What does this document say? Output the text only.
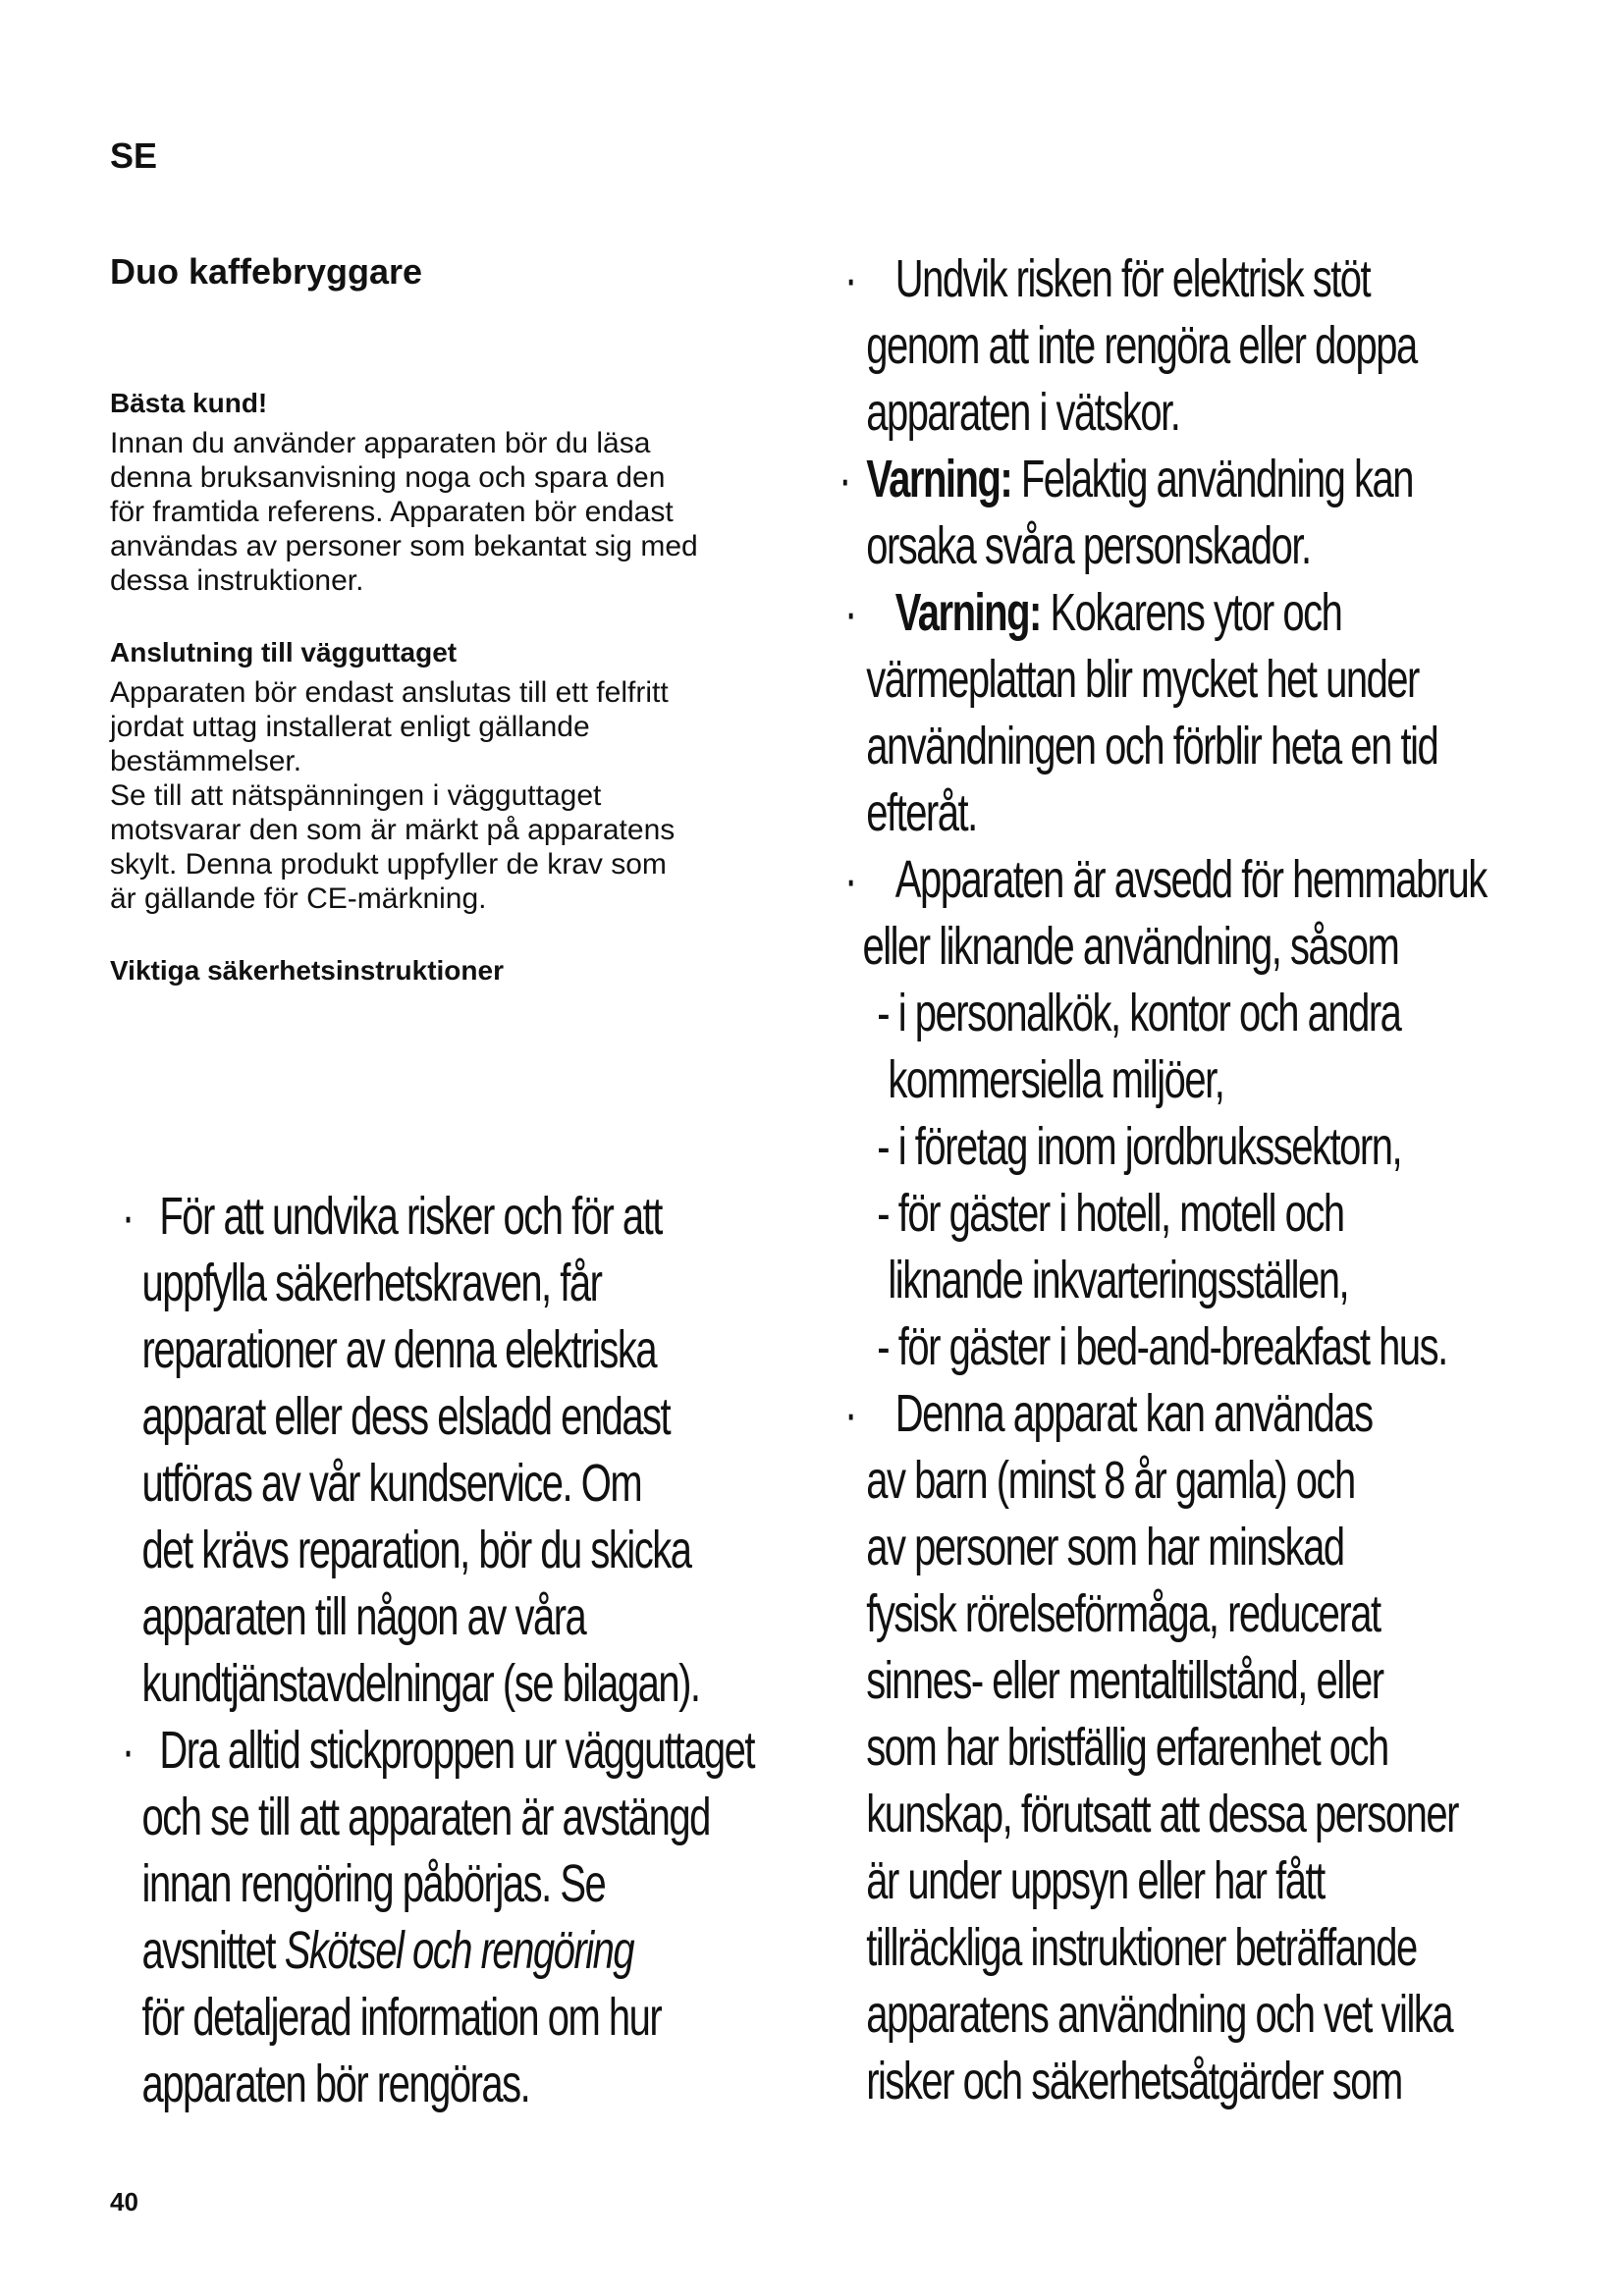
SE
Duo kaffebryggare
Bästa kund!
Innan du använder apparaten bör du läsa
denna bruksanvisning noga och spara den
för framtida referens. Apparaten bör endast
användas av personer som bekantat sig med
dessa instruktioner.
Anslutning till vägguttaget
Apparaten bör endast anslutas till ett felfritt
jordat uttag installerat enligt gällande
bestämmelser.
Se till att nätspänningen i vägguttaget
motsvarar den som är märkt på apparatens
skylt. Denna produkt uppfyller de krav som
är gällande för CE-märkning.
Viktiga säkerhetsinstruktioner
· För att undvika risker och för att
uppfylla säkerhetskraven, får
reparationer av denna elektriska
apparat eller dess elsladd endast
utföras av vår kundservice. Om
det krävs reparation, bör du skicka
apparaten till någon av våra
kundtjänstavdelningar (se bilagan).
· Dra alltid stickproppen ur vägguttaget
och se till att apparaten är avstängd
innan rengöring påbörjas. Se
avsnittet Skötsel och rengöring
för detaljerad information om hur
apparaten bör rengöras.
· Undvik risken för elektrisk stöt
genom att inte rengöra eller doppa
apparaten i vätskor.
· Varning: Felaktig användning kan
orsaka svåra personskador.
· Varning: Kokarens ytor och
värmeplattan blir mycket het under
användningen och förblir heta en tid
efteråt.
· Apparaten är avsedd för hemmabruk
eller liknande användning, såsom
- i personalkök, kontor och andra
kommersiella miljöer,
- i företag inom jordbrukssektorn,
- för gäster i hotell, motell och
liknande inkvarteringsställen,
- för gäster i bed-and-breakfast hus.
· Denna apparat kan användas
av barn (minst 8 år gamla) och
av personer som har minskad
fysisk rörelseförmåga, reducerat
sinnes- eller mentaltillstånd, eller
som har bristfällig erfarenhet och
kunskap, förutsatt att dessa personer
är under uppsyn eller har fått
tillräckliga instruktioner beträffande
apparatens användning och vet vilka
risker och säkerhetsåtgärder som
40
